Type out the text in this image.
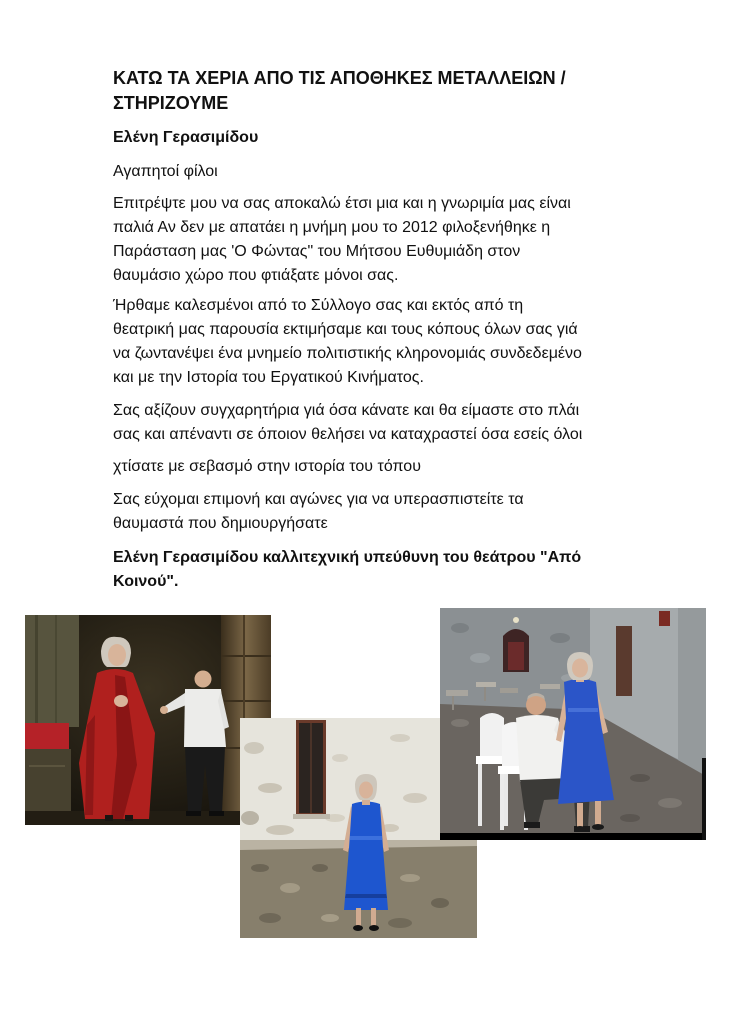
ΚΑΤΩ ΤΑ ΧΕΡΙΑ ΑΠΟ ΤΙΣ ΑΠΟΘΗΚΕΣ ΜΕΤΑΛΛΕΙΩΝ /
ΣΤΗΡΙΖΟΥΜΕ
Ελένη Γερασιμίδου
Αγαπητοί φίλοι

Επιτρέψτε μου να σας αποκαλώ έτσι μια και η γνωριμία μας είναι
παλιά Αν δεν με απατάει η μνήμη μου το 2012 φιλοξενήθηκε η
Παράσταση μας 'Ο Φώντας" του Μήτσου Ευθυμιάδη στον
θαυμάσιο χώρο που φτιάξατε μόνοι σας.

Ήρθαμε καλεσμένοι από το Σύλλογο σας και εκτός από τη
θεατρική μας παρουσία εκτιμήσαμε και τους κόπους όλων σας γιά
να ζωντανέψει ένα μνημείο πολιτιστικής κληρονομιάς συνδεδεμένο
και με την Ιστορία του Εργατικού Κινήματος.

Σας αξίζουν συγχαρητήρια γιά όσα κάνατε και θα είμαστε στο πλάι
σας και απέναντι σε όποιον θελήσει να καταχραστεί όσα εσείς όλοι

χτίσατε με σεβασμό στην ιστορία του τόπου

Σας εύχομαι επιμονή και αγώνες για να υπερασπιστείτε τα
θαυμαστά που δημιουργήσατε

Ελένη Γερασιμίδου καλλιτεχνική υπεύθυνη του θεάτρου "Από
Κοινού".
